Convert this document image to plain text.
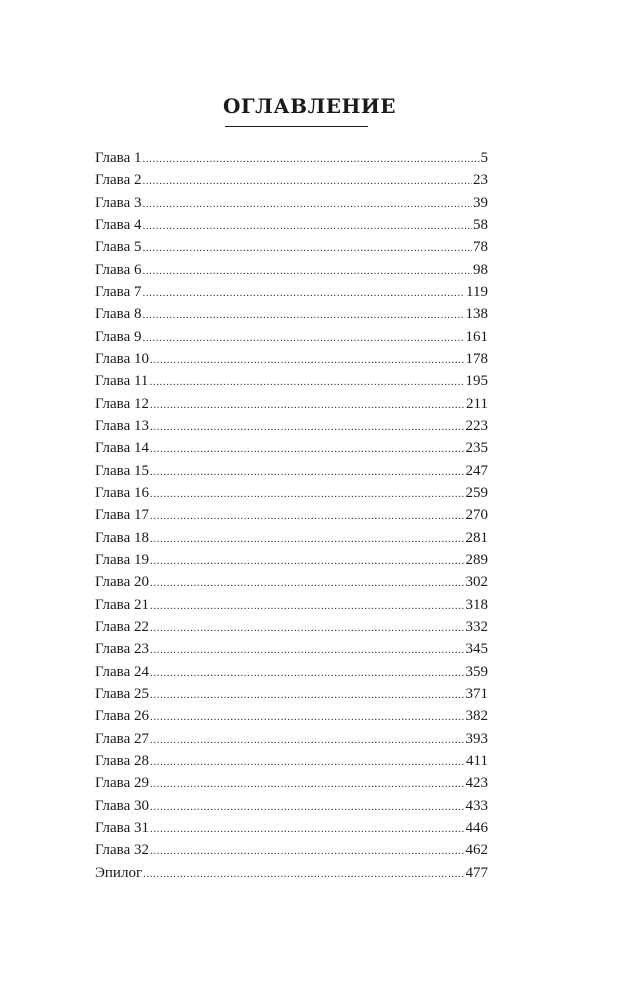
ОГЛАВЛЕНИЕ
Глава 1 .....	5
Глава 2 .....	23
Глава 3 .....	39
Глава 4 .....	58
Глава 5 .....	78
Глава 6 .....	98
Глава 7 .....	119
Глава 8 .....	138
Глава 9 .....	161
Глава 10 .....	178
Глава 11 .....	195
Глава 12 .....	211
Глава 13 .....	223
Глава 14 .....	235
Глава 15 .....	247
Глава 16 .....	259
Глава 17 .....	270
Глава 18 .....	281
Глава 19 .....	289
Глава 20 .....	302
Глава 21 .....	318
Глава 22 .....	332
Глава 23 .....	345
Глава 24 .....	359
Глава 25 .....	371
Глава 26 .....	382
Глава 27 .....	393
Глава 28 .....	411
Глава 29 .....	423
Глава 30 .....	433
Глава 31 .....	446
Глава 32 .....	462
Эпилог .....	477
